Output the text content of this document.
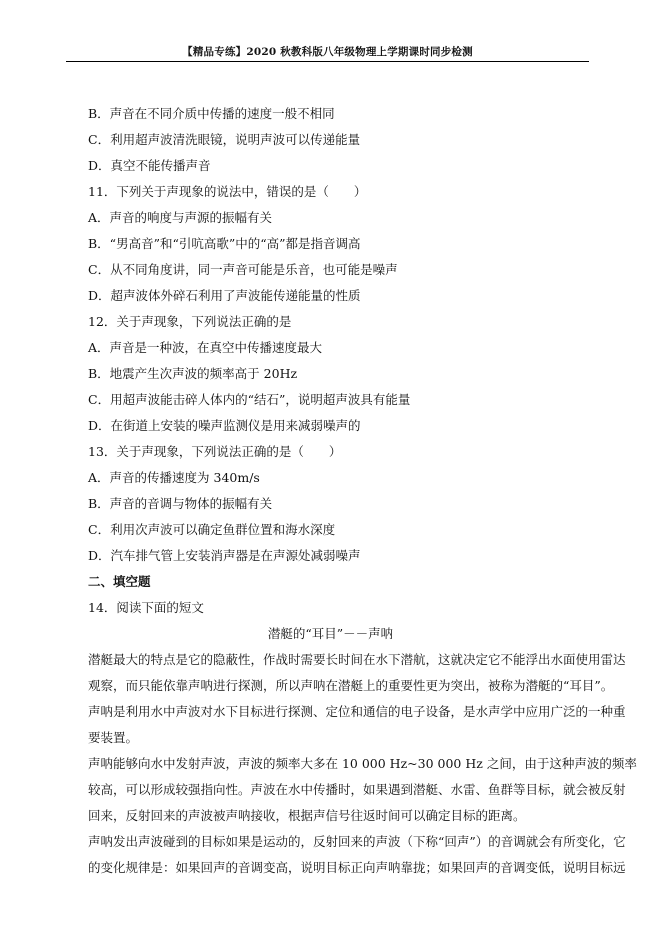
【精品专练】2020 秋教科版八年级物理上学期课时同步检测
B．声音在不同介质中传播的速度一般不相同
C．利用超声波清洗眼镜，说明声波可以传递能量
D．真空不能传播声音
11．下列关于声现象的说法中，错误的是（　　）
A．声音的响度与声源的振幅有关
B．“男高音”和“引吭高歌”中的“高”都是指音调高
C．从不同角度讲，同一声音可能是乐音，也可能是噪声
D．超声波体外碎石利用了声波能传递能量的性质
12．关于声现象，下列说法正确的是
A．声音是一种波，在真空中传播速度最大
B．地震产生次声波的频率高于 20Hz
C．用超声波能击碎人体内的“结石”，说明超声波具有能量
D．在街道上安装的噪声监测仪是用来减弱噪声的
13．关于声现象，下列说法正确的是（　　）
A．声音的传播速度为 340m/s
B．声音的音调与物体的振幅有关
C．利用次声波可以确定鱼群位置和海水深度
D．汽车排气管上安装消声器是在声源处减弱噪声
二、填空题
14．阅读下面的短文
潜艇的“耳目”－－声呐
潜艇最大的特点是它的隐蔽性，作战时需要长时间在水下潜航，这就决定它不能浮出水面使用雷达
观察，而只能依靠声呐进行探测，所以声呐在潜艇上的重要性更为突出，被称为潜艇的“耳目”。
声呐是利用水中声波对水下目标进行探测、定位和通信的电子设备，是水声学中应用广泛的一种重
要装置。
声呐能够向水中发射声波，声波的频率大多在 10 000 Hz~30 000 Hz 之间，由于这种声波的频率
较高，可以形成较强指向性。声波在水中传播时，如果遇到潜艇、水雷、鱼群等目标，就会被反射
回来，反射回来的声波被声呐接收，根据声信号往返时间可以确定目标的距离。
声呐发出声波碰到的目标如果是运动的，反射回来的声波（下称“回声”）的音调就会有所变化，它
的变化规律是：如果回声的音调变高，说明目标正向声呐靠拢；如果回声的音调变低，说明目标远
